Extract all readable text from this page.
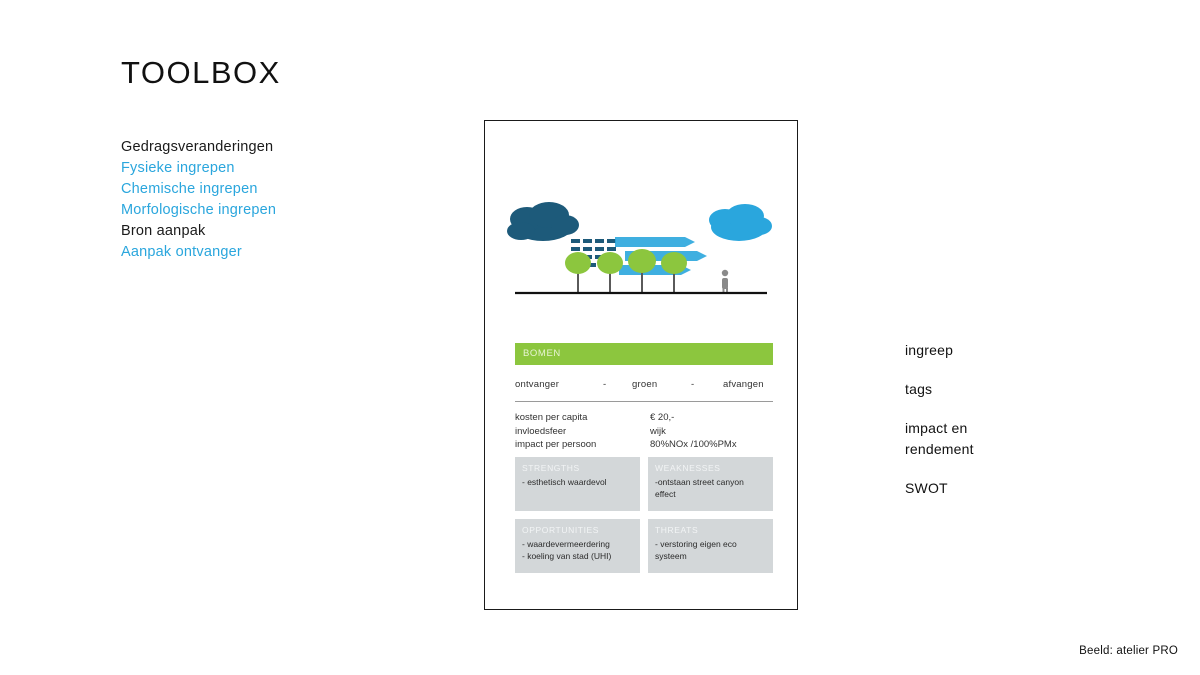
TOOLBOX
Gedragsveranderingen
Fysieke ingrepen
Chemische ingrepen
Morfologische ingrepen
Bron aanpak
Aanpak ontvanger
BOMEN
ontvanger	-	groen	-	afvangen
kosten per capita	€ 20,-
invloedsfeer	wijk
impact per persoon	80%NOx /100%PMx
STRENGTHS
- esthetisch waardevol
WEAKNESSES
-ontstaan street canyon effect
OPPORTUNITIES
- waardevermeerdering
- koeling van stad (UHI)
THREATS
- verstoring eigen eco systeem
ingreep
tags
impact en rendement
SWOT
Beeld: atelier PRO
